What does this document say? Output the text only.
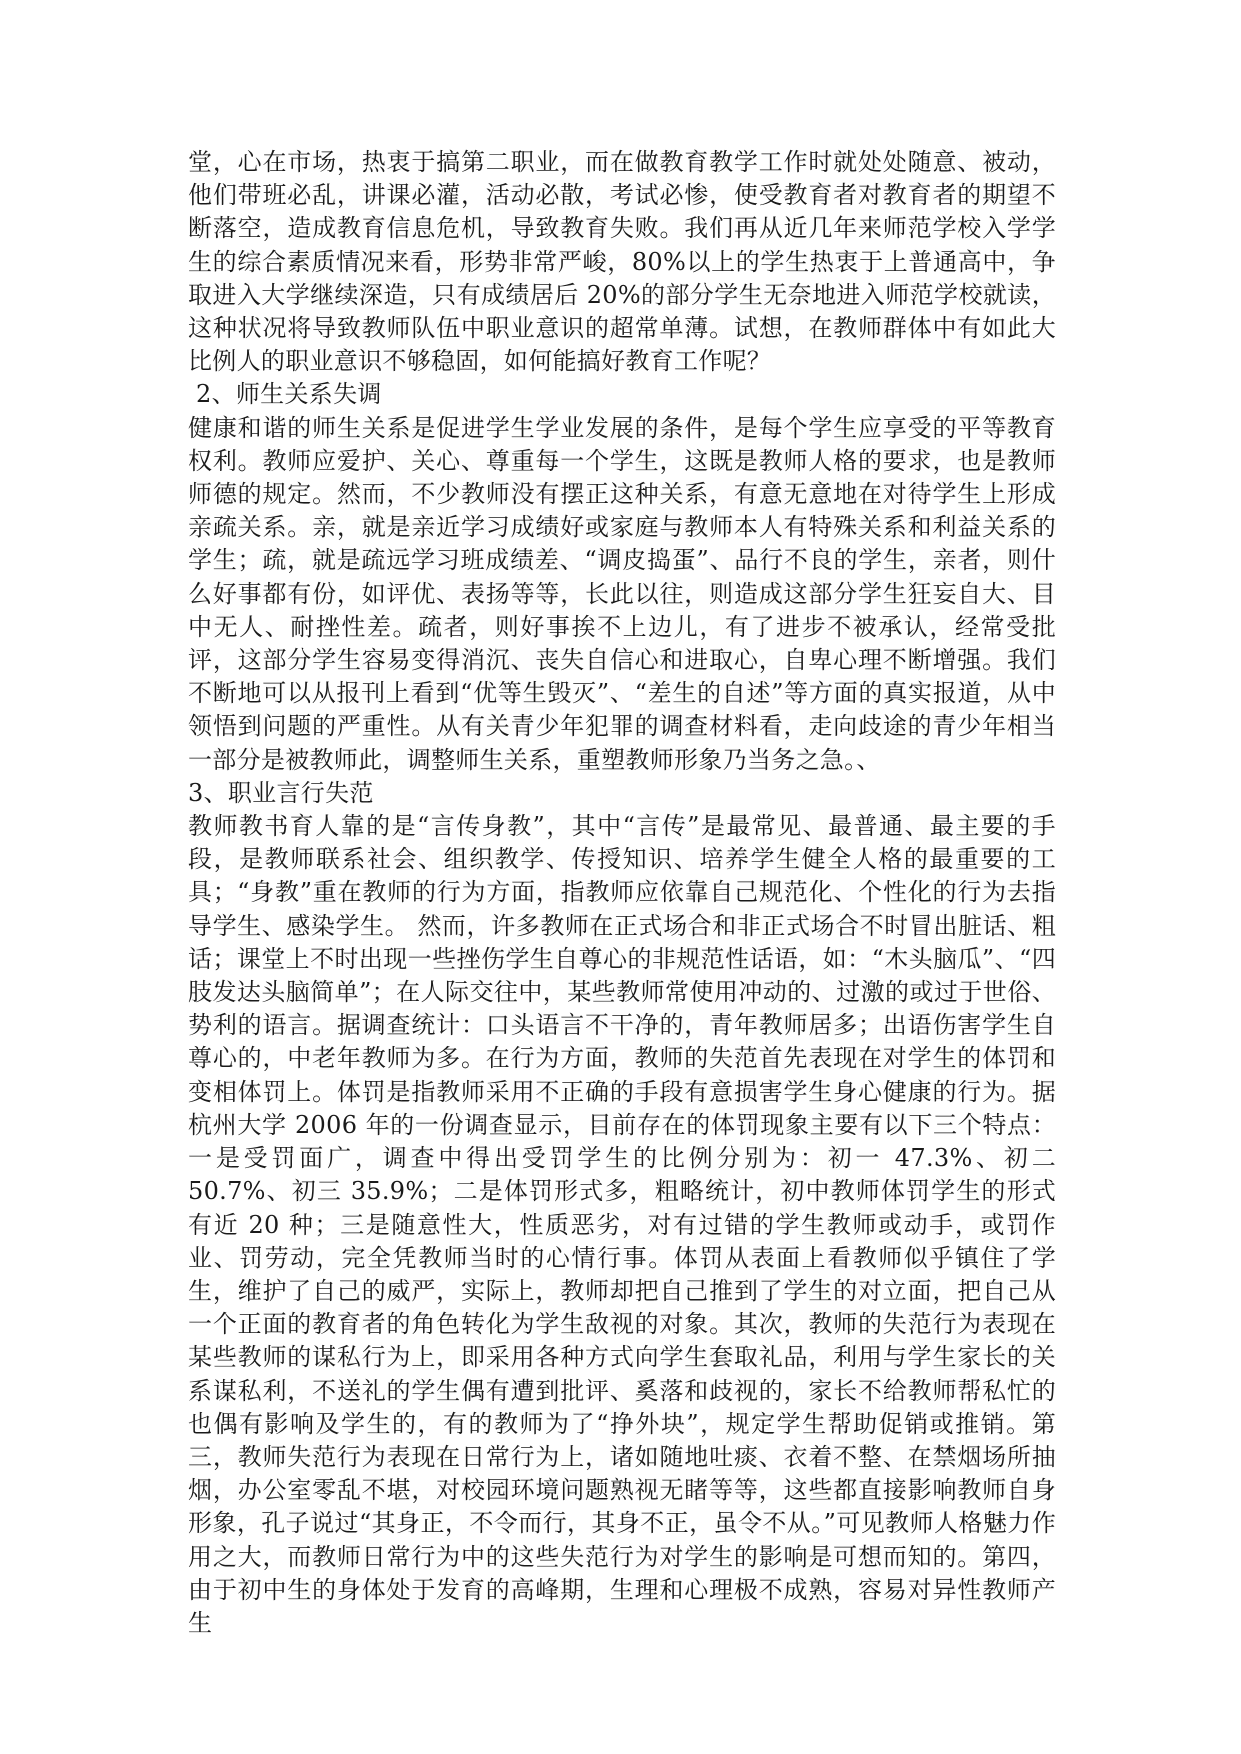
堂，心在市场，热衷于搞第二职业，而在做教育教学工作时就处处随意、被动，他们带班必乱，讲课必灌，活动必散，考试必惨，使受教育者对教育者的期望不断落空，造成教育信息危机，导致教育失败。我们再从近几年来师范学校入学学生的综合素质情况来看，形势非常严峻，80%以上的学生热衷于上普通高中，争取进入大学继续深造，只有成绩居后 20%的部分学生无奈地进入师范学校就读，这种状况将导致教师队伍中职业意识的超常单薄。试想，在教师群体中有如此大比例人的职业意识不够稳固，如何能搞好教育工作呢？

2、师生关系失调

健康和谐的师生关系是促进学生学业发展的条件，是每个学生应享受的平等教育权利。教师应爱护、关心、尊重每一个学生，这既是教师人格的要求，也是教师师德的规定。然而，不少教师没有摆正这种关系，有意无意地在对待学生上形成亲疏关系。亲，就是亲近学习成绩好或家庭与教师本人有特殊关系和利益关系的学生；疏，就是疏远学习班成绩差、“调皮捣蛋”、品行不良的学生，亲者，则什么好事都有份，如评优、表扬等等，长此以往，则造成这部分学生狂妄自大、目中无人、耐挫性差。疏者，则好事挨不上边儿，有了进步不被承认，经常受批评，这部分学生容易变得消沉、丧失自信心和进取心，自卑心理不断增强。我们不断地可以从报刊上看到“优等生毁灭”、“差生的自述”等方面的真实报道，从中领悟到问题的严重性。从有关青少年犯罪的调查材料看，走向歧途的青少年相当一部分是被教师此，调整师生关系，重塑教师形象乃当务之急。、

3、职业言行失范

教师教书育人靠的是“言传身教”，其中“言传”是最常见、最普通、最主要的手段，是教师联系社会、组织教学、传授知识、培养学生健全人格的最重要的工具；“身教”重在教师的行为方面，指教师应依靠自己规范化、个性化的行为去指导学生、感染学生。 然而，许多教师在正式场合和非正式场合不时冒出脏话、粗话；课堂上不时出现一些挫伤学生自尊心的非规范性话语，如：“木头脑瓜”、“四肢发达头脑简单”；在人际交往中，某些教师常使用冲动的、过激的或过于世俗、势利的语言。据调查统计：口头语言不干净的，青年教师居多；出语伤害学生自尊心的，中老年教师为多。在行为方面，教师的失范首先表现在对学生的体罚和变相体罚上。体罚是指教师采用不正确的手段有意损害学生身心健康的行为。据杭州大学 2006 年的一份调查显示，目前存在的体罚现象主要有以下三个特点：一是受罚面广，调查中得出受罚学生的比例分别为：初一 47.3%、初二 50.7%、初三 35.9%；二是体罚形式多，粗略统计，初中教师体罚学生的形式有近 20 种；三是随意性大，性质恶劣，对有过错的学生教师或动手，或罚作业、罚劳动，完全凭教师当时的心情行事。体罚从表面上看教师似乎镇住了学生，维护了自己的威严，实际上，教师却把自己推到了学生的对立面，把自己从一个正面的教育者的角色转化为学生敌视的对象。其次，教师的失范行为表现在某些教师的谋私行为上，即采用各种方式向学生套取礼品，利用与学生家长的关系谋私利，不送礼的学生偶有遭到批评、奚落和歧视的，家长不给教师帮私忙的也偶有影响及学生的，有的教师为了“挣外块”，规定学生帮助促销或推销。第三，教师失范行为表现在日常行为上，诸如随地吐痰、衣着不整、在禁烟场所抽烟，办公室零乱不堪，对校园环境问题熟视无睹等等，这些都直接影响教师自身形象，孔子说过“其身正，不令而行，其身不正，虽令不从。”可见教师人格魅力作用之大，而教师日常行为中的这些失范行为对学生的影响是可想而知的。第四，由于初中生的身体处于发育的高峰期，生理和心理极不成熟，容易对异性教师产生
